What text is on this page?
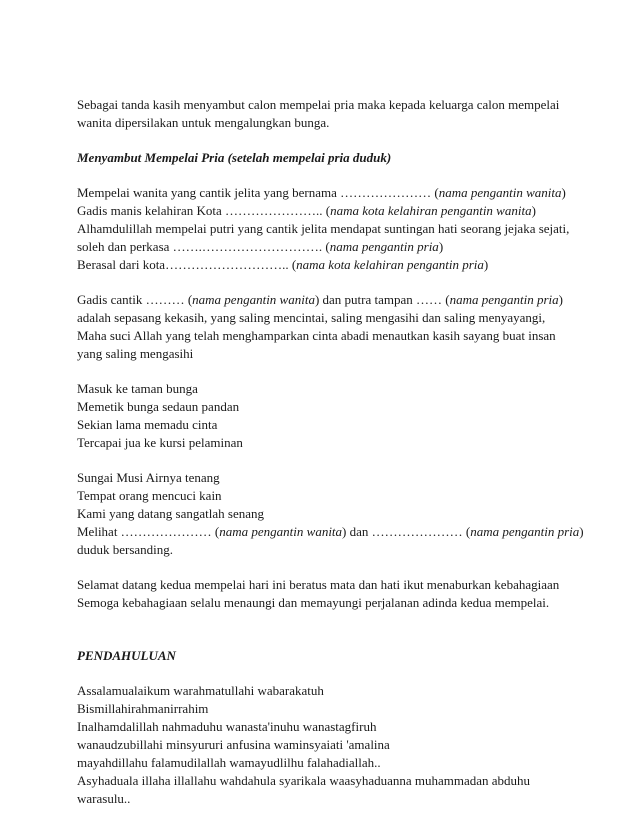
Sebagai tanda kasih menyambut calon mempelai pria maka kepada keluarga calon mempelai
wanita dipersilakan untuk mengalungkan bunga.
Menyambut Mempelai Pria (setelah mempelai pria duduk)
Mempelai wanita yang cantik jelita yang bernama ………………… (nama pengantin wanita)
Gadis manis kelahiran Kota ………………….. (nama kota kelahiran pengantin wanita)
Alhamdulillah mempelai putri yang cantik jelita mendapat suntingan hati seorang jejaka sejati,
soleh dan perkasa …….………………………. (nama pengantin pria)
Berasal dari kota……………………….. (nama kota kelahiran pengantin pria)
Gadis cantik ……… (nama pengantin wanita) dan putra tampan …… (nama pengantin pria)
adalah sepasang kekasih, yang saling mencintai, saling mengasihi dan saling menyayangi,
Maha suci Allah yang telah menghamparkan cinta abadi menautkan kasih sayang buat insan
yang saling mengasihi
Masuk ke taman bunga
Memetik bunga sedaun pandan
Sekian lama memadu cinta
Tercapai jua ke kursi pelaminan
Sungai Musi Airnya tenang
Tempat orang mencuci kain
Kami yang datang sangatlah senang
Melihat ………………… (nama pengantin wanita) dan ………………… (nama pengantin pria)
duduk bersanding.
Selamat datang kedua mempelai hari ini beratus mata dan hati ikut menaburkan kebahagiaan
Semoga kebahagiaan selalu menaungi dan memayungi perjalanan adinda kedua mempelai.
PENDAHULUAN
Assalamualaikum warahmatullahi wabarakatuh
Bismillahirahmanirrahim
Inalhamdalillah nahmaduhu wanasta'inuhu wanastagfiruh
wanaudzubillahi minsyururi anfusina waminsyaiati 'amalina
mayahdillahu falamudilallah wamayudlilhu falahadiallah..
Asyhaduala illaha illallahu wahdahula syarikala waasyhaduanna muhammadan abduhu
warasulu..
